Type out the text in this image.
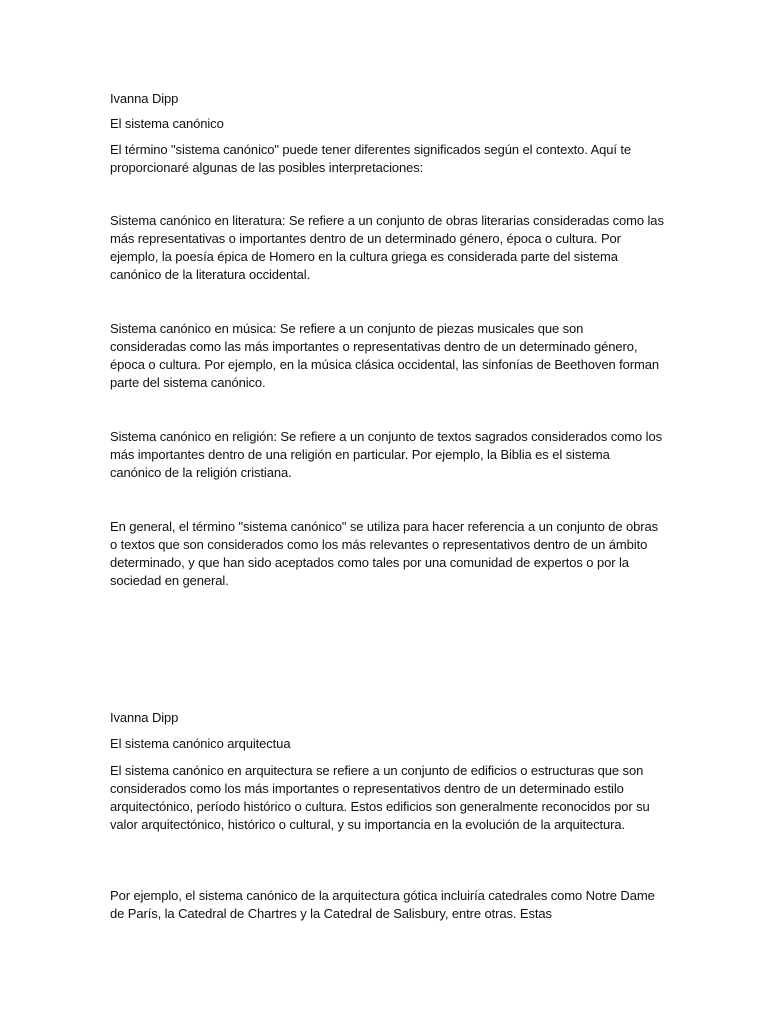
Ivanna Dipp
El sistema canónico
El término "sistema canónico" puede tener diferentes significados según el contexto. Aquí te proporcionaré algunas de las posibles interpretaciones:
Sistema canónico en literatura: Se refiere a un conjunto de obras literarias consideradas como las más representativas o importantes dentro de un determinado género, época o cultura. Por ejemplo, la poesía épica de Homero en la cultura griega es considerada parte del sistema canónico de la literatura occidental.
Sistema canónico en música: Se refiere a un conjunto de piezas musicales que son consideradas como las más importantes o representativas dentro de un determinado género, época o cultura. Por ejemplo, en la música clásica occidental, las sinfonías de Beethoven forman parte del sistema canónico.
Sistema canónico en religión: Se refiere a un conjunto de textos sagrados considerados como los más importantes dentro de una religión en particular. Por ejemplo, la Biblia es el sistema canónico de la religión cristiana.
En general, el término "sistema canónico" se utiliza para hacer referencia a un conjunto de obras o textos que son considerados como los más relevantes o representativos dentro de un ámbito determinado, y que han sido aceptados como tales por una comunidad de expertos o por la sociedad en general.
Ivanna Dipp
El sistema canónico arquitectua
El sistema canónico en arquitectura se refiere a un conjunto de edificios o estructuras que son considerados como los más importantes o representativos dentro de un determinado estilo arquitectónico, período histórico o cultura. Estos edificios son generalmente reconocidos por su valor arquitectónico, histórico o cultural, y su importancia en la evolución de la arquitectura.
Por ejemplo, el sistema canónico de la arquitectura gótica incluiría catedrales como Notre Dame de París, la Catedral de Chartres y la Catedral de Salisbury, entre otras. Estas
